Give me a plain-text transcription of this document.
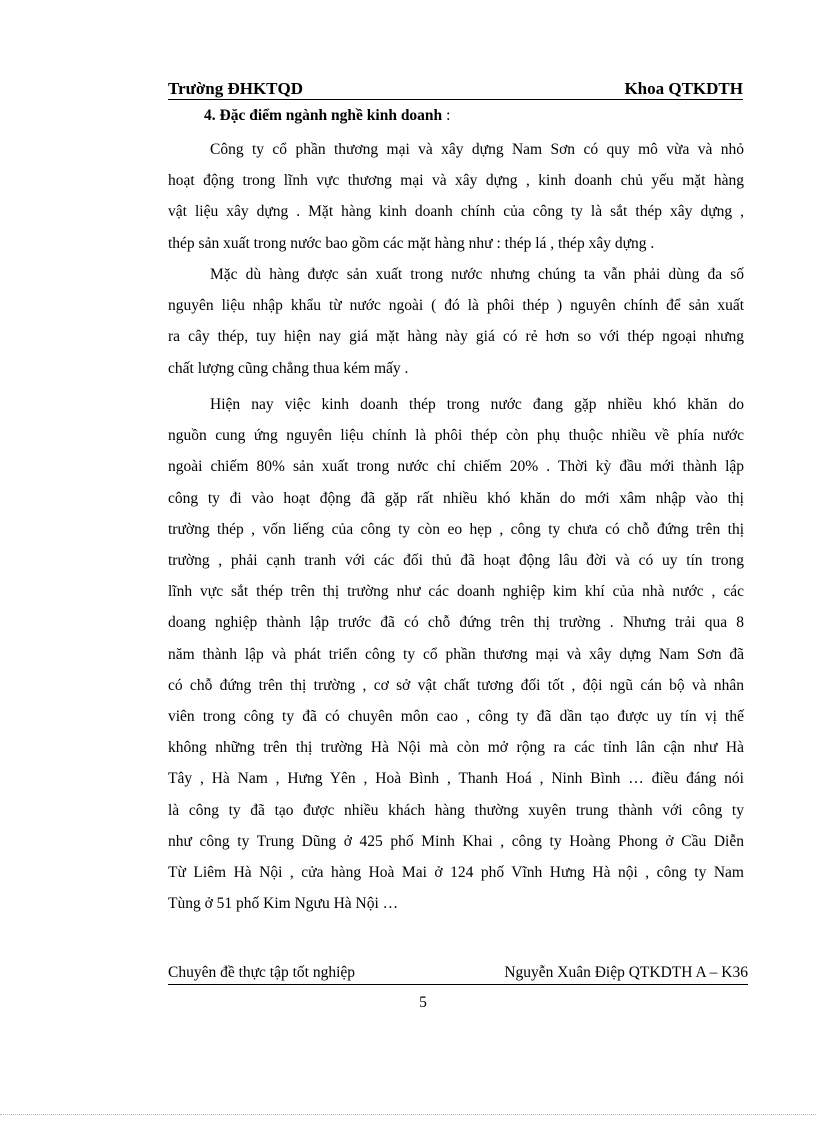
Trường ĐHKTQD	Khoa QTKDTH
4. Đặc điểm ngành nghề kinh doanh :
Công ty cổ phần thương mại và xây dựng Nam Sơn có quy mô vừa và nhỏ
hoạt động trong lĩnh vực thương mại và xây dựng , kinh doanh chủ yếu mặt hàng
vật liệu xây dựng . Mặt hàng kinh doanh chính của công ty là sắt thép xây dựng ,
thép sản xuất trong nước bao gồm các mặt hàng như : thép lá , thép xây dựng .
Mặc dù hàng được sản xuất trong nước nhưng chúng ta vẫn phải dùng đa số
nguyên liệu nhập khẩu từ nước ngoài ( đó là phôi thép ) nguyên chính để sản xuất
ra cây thép, tuy hiện nay giá mặt hàng này giá có rẻ hơn so với thép ngoại nhưng
chất lượng cũng chẳng thua kém mấy .
Hiện nay việc kinh doanh thép trong nước đang gặp nhiều khó khăn do
nguồn cung ứng nguyên liệu chính là phôi thép còn phụ thuộc nhiều về phía nước
ngoài chiếm 80% sản xuất trong nước chỉ chiếm 20% . Thời kỳ đầu mới thành lập
công ty đi vào hoạt động đã gặp rất nhiều khó khăn do mới xâm nhập vào thị
trường thép , vốn liếng của công ty còn eo hẹp , công ty chưa có chỗ đứng trên thị
trường , phải cạnh tranh với các đối thủ đã hoạt động lâu đời và có uy tín trong
lĩnh vực sắt thép trên thị trường như các doanh nghiệp kim khí của nhà nước , các
doang nghiệp thành lập trước đã có chỗ đứng trên thị trường . Nhưng trải qua 8
năm thành lập và phát triển công ty cổ phần thương mại và xây dựng Nam Sơn đã
có chỗ đứng trên thị trường , cơ sở vật chất tương đối tốt , đội ngũ cán bộ và nhân
viên trong công ty đã có chuyên môn cao , công ty đã dần tạo được uy tín vị thế
không những trên thị trường Hà Nội mà còn mở rộng ra các tỉnh lân cận như Hà
Tây , Hà Nam , Hưng Yên , Hoà Bình , Thanh Hoá , Ninh Bình … điều đáng nói
là công ty đã tạo được nhiều khách hàng thường xuyên trung thành với công ty
như công ty Trung Dũng ở 425 phố Minh Khai , công ty Hoàng Phong ở Cầu Diễn
Từ Liêm Hà Nội , cửa hàng Hoà Mai ở 124 phố Vĩnh Hưng Hà nội , công ty Nam
Tùng ở 51 phố Kim Ngưu Hà Nội …
Chuyên đề thực tập tốt nghiệp	Nguyễn Xuân Điệp QTKDTH A – K36
5
